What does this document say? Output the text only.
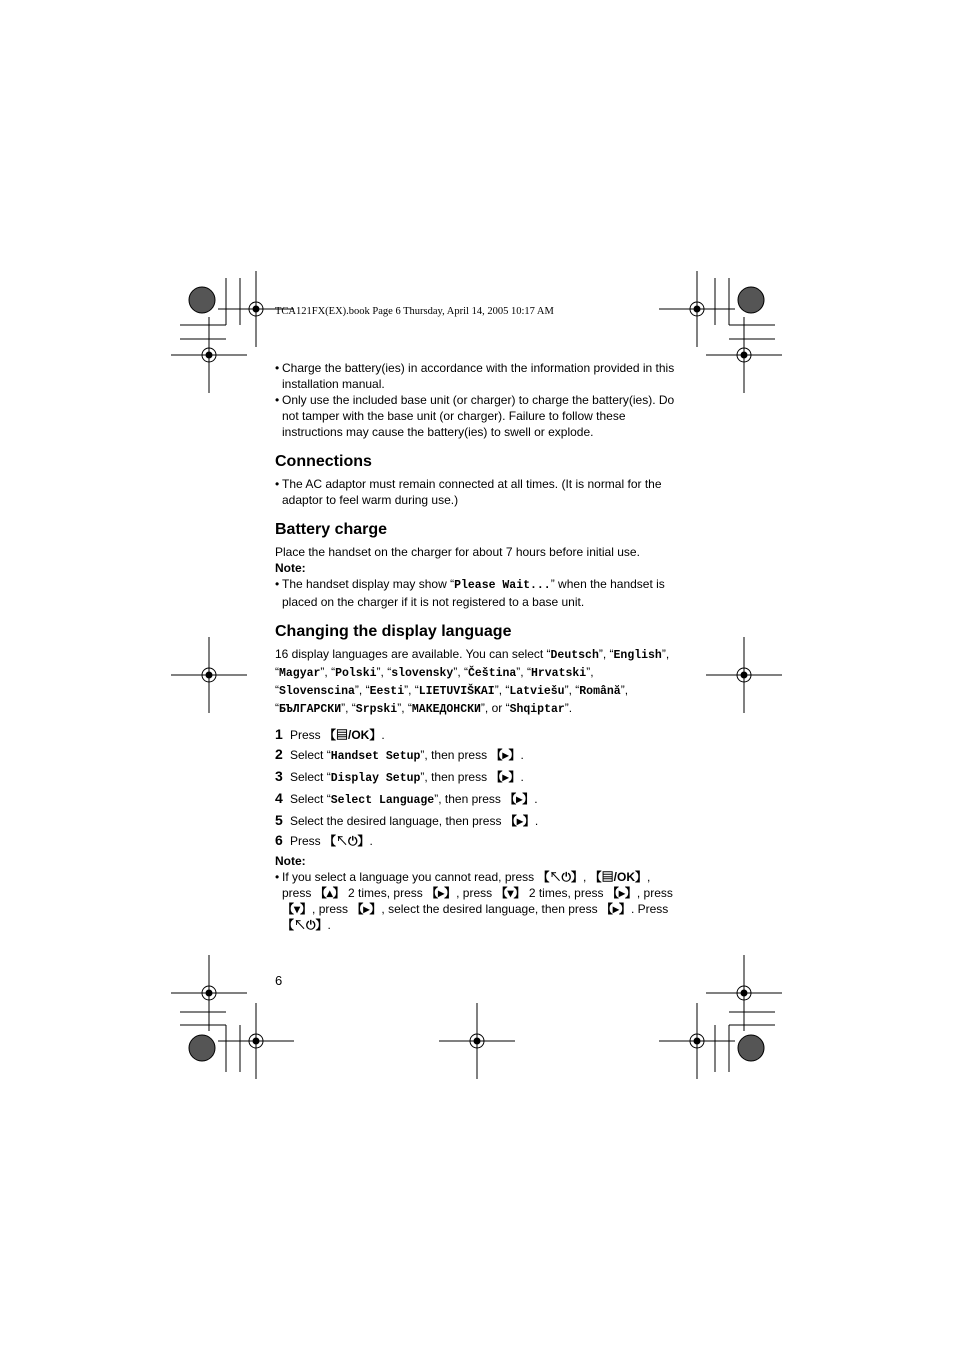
TCA121FX(EX).book Page 6 Thursday, April 14, 2005 10:17 AM
• Charge the battery(ies) in accordance with the information provided in this installation manual.
• Only use the included base unit (or charger) to charge the battery(ies). Do not tamper with the base unit (or charger). Failure to follow these instructions may cause the battery(ies) to swell or explode.
Connections
• The AC adaptor must remain connected at all times. (It is normal for the adaptor to feel warm during use.)
Battery charge
Place the handset on the charger for about 7 hours before initial use.
Note:
• The handset display may show “Please Wait...” when the handset is placed on the charger if it is not registered to a base unit.
Changing the display language
16 display languages are available. You can select “Deutsch”, “English”, “Magyar”, “Polski”, “slovensky”, “Čeština”, “Hrvatski”, “Slovenscina”, “Eesti”, “LIETUVIŠKAI”, “Latviešu”, “Română”, “БЪЛГАРСКИ”, “Srpski”, “МАКЕДОНСКИ”, or “Shqiptar”.
1 Press 【▤/OK】.
2 Select “Handset Setup”, then press 【▸】.
3 Select “Display Setup”, then press 【▸】.
4 Select “Select Language”, then press 【▸】.
5 Select the desired language, then press 【▸】.
6 Press 【↖⏻】.
Note:
• If you select a language you cannot read, press 【↖⏻】, 【▤/OK】, press 【▴】 2 times, press 【▸】, press 【▾】 2 times, press 【▸】, press 【▾】, press 【▸】, select the desired language, then press 【▸】. Press 【↖⏻】.
6
